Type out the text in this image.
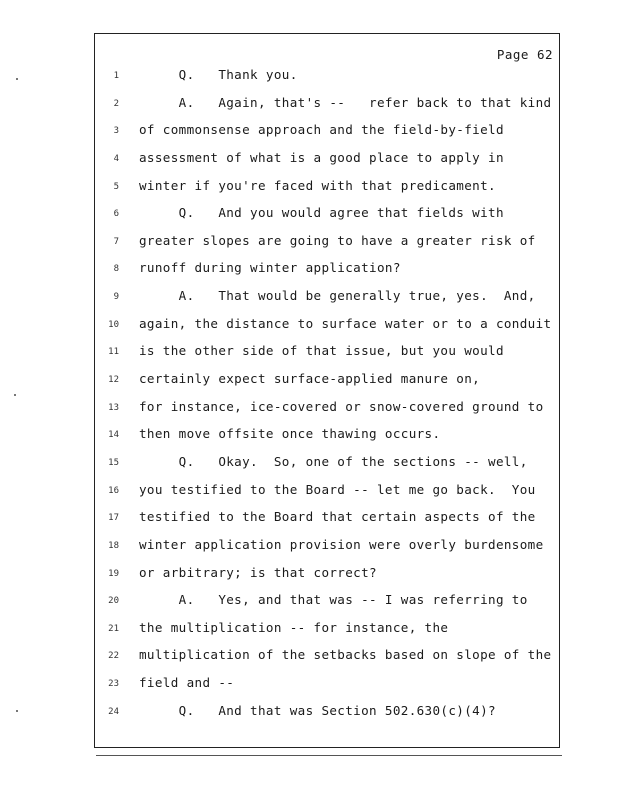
Page 62
1 Q.   Thank you.
2 A.   Again, that's --   refer back to that kind
3 of commonsense approach and the field-by-field
4 assessment of what is a good place to apply in
5 winter if you're faced with that predicament.
6 Q.   And you would agree that fields with
7 greater slopes are going to have a greater risk of
8 runoff during winter application?
9 A.   That would be generally true, yes.  And,
10 again, the distance to surface water or to a conduit
11 is the other side of that issue, but you would
12 certainly expect surface-applied manure on,
13 for instance, ice-covered or snow-covered ground to
14 then move offsite once thawing occurs.
15 Q.   Okay.  So, one of the sections -- well,
16 you testified to the Board -- let me go back.  You
17 testified to the Board that certain aspects of the
18 winter application provision were overly burdensome
19 or arbitrary; is that correct?
20 A.   Yes, and that was -- I was referring to
21 the multiplication -- for instance, the
22 multiplication of the setbacks based on slope of the
23 field and --
24 Q.   And that was Section 502.630(c)(4)?
